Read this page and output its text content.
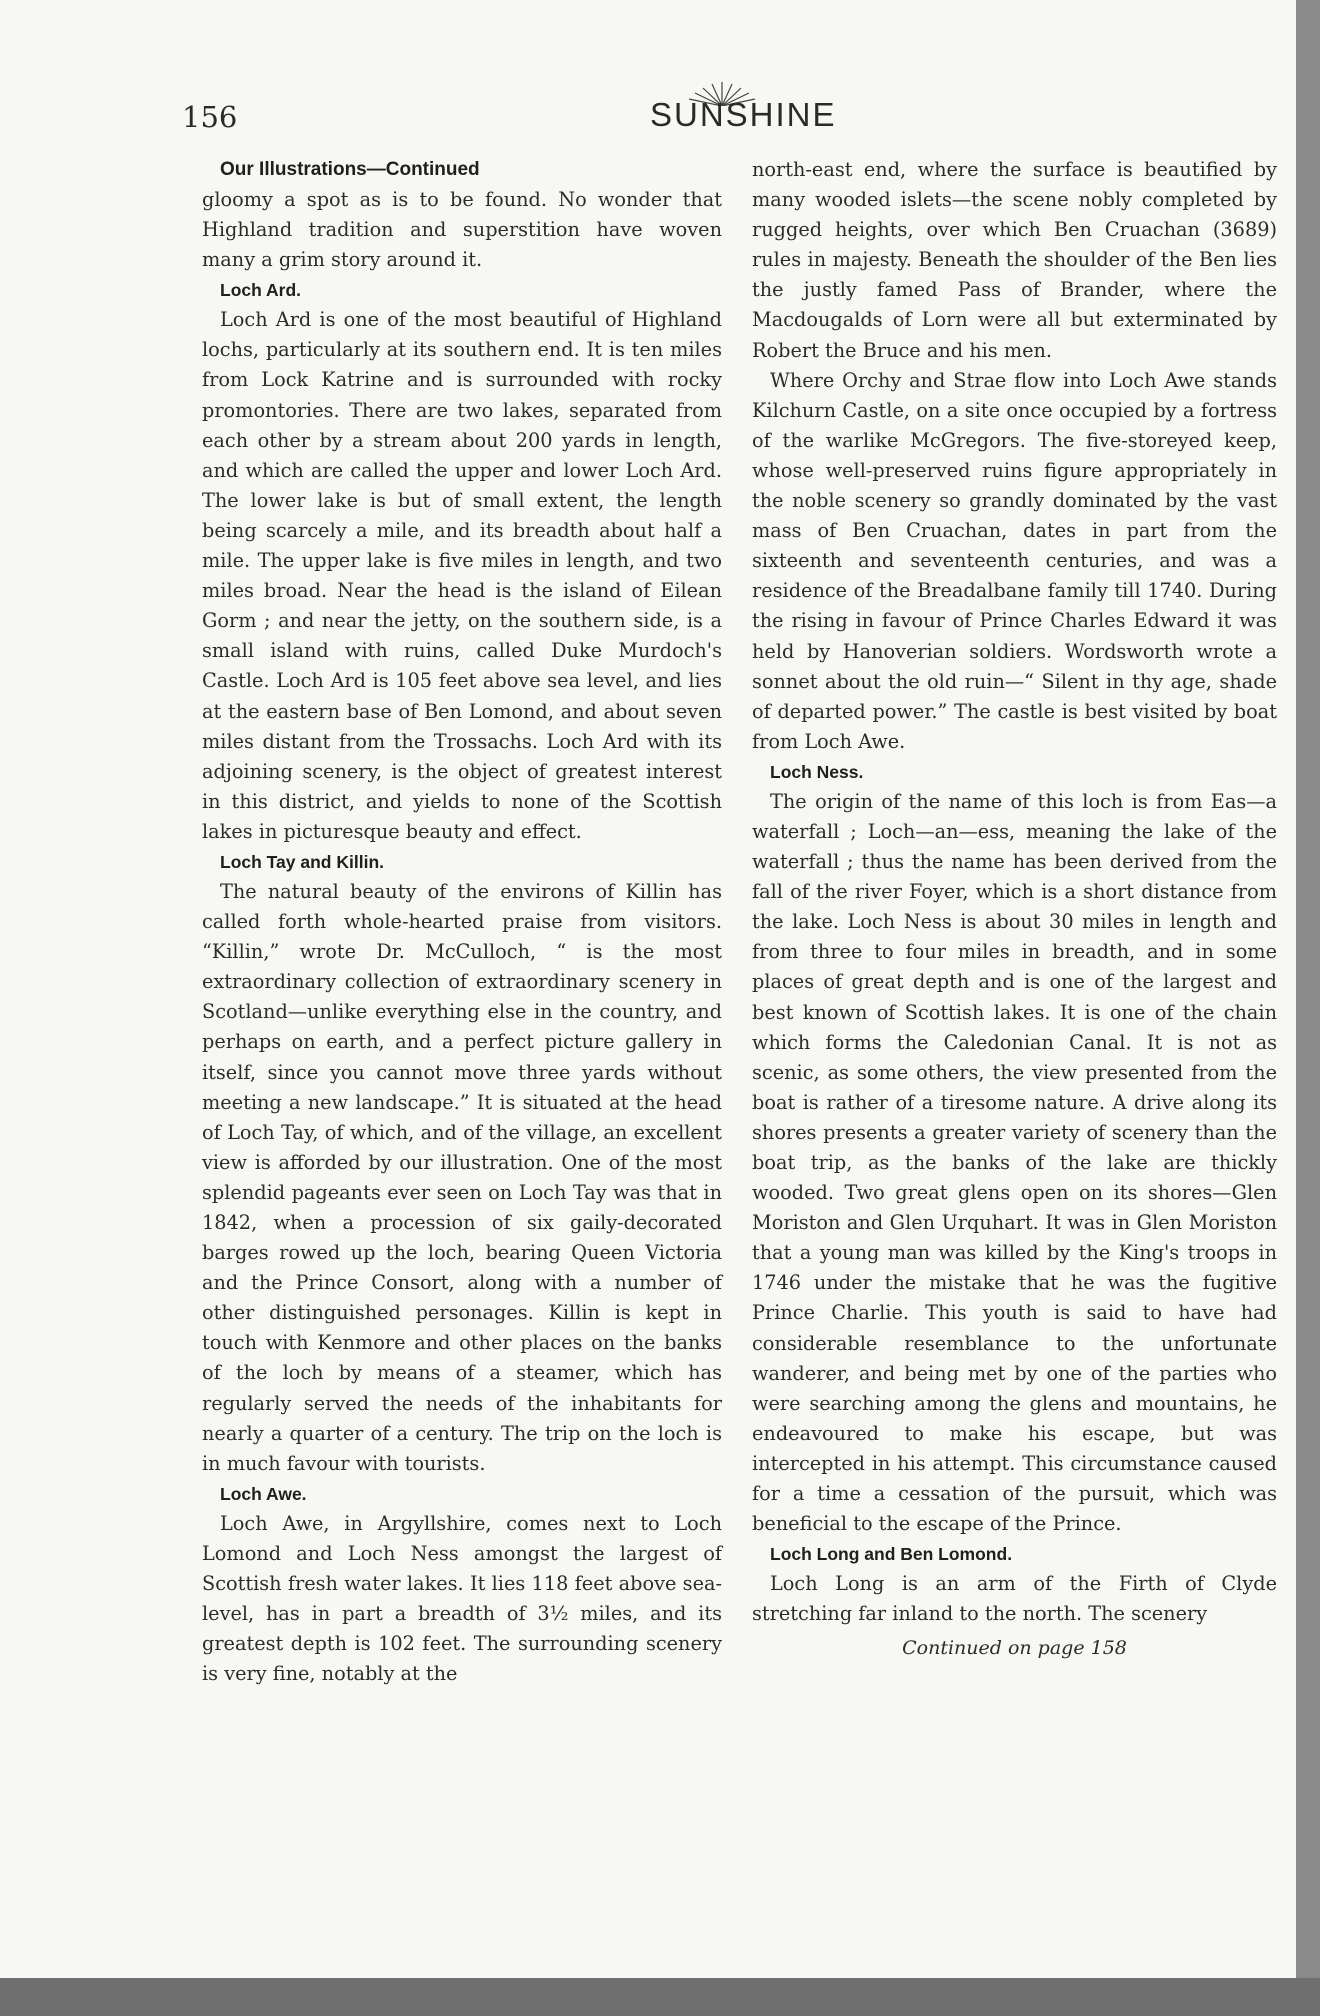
156	SUNSHINE

Our Illustrations—Continued

gloomy a spot as is to be found. No wonder that Highland tradition and superstition have woven many a grim story around it.

Loch Ard.

Loch Ard is one of the most beautiful of Highland lochs, particularly at its southern end. It is ten miles from Lock Katrine and is surrounded with rocky promontories. There are two lakes, separated from each other by a stream about 200 yards in length, and which are called the upper and lower Loch Ard. The lower lake is but of small extent, the length being scarcely a mile, and its breadth about half a mile. The upper lake is five miles in length, and two miles broad. Near the head is the island of Eilean Gorm ; and near the jetty, on the southern side, is a small island with ruins, called Duke Murdoch's Castle. Loch Ard is 105 feet above sea level, and lies at the eastern base of Ben Lomond, and about seven miles distant from the Trossachs. Loch Ard with its adjoining scenery, is the object of greatest interest in this district, and yields to none of the Scottish lakes in picturesque beauty and effect.

Loch Tay and Killin.

The natural beauty of the environs of Killin has called forth whole-hearted praise from visitors. “Killin,” wrote Dr. McCulloch, “ is the most extraordinary collection of extraordinary scenery in Scotland—unlike everything else in the country, and perhaps on earth, and a perfect picture gallery in itself, since you cannot move three yards without meeting a new landscape.” It is situated at the head of Loch Tay, of which, and of the village, an excellent view is afforded by our illustration. One of the most splendid pageants ever seen on Loch Tay was that in 1842, when a procession of six gaily-decorated barges rowed up the loch, bearing Queen Victoria and the Prince Consort, along with a number of other distinguished personages. Killin is kept in touch with Kenmore and other places on the banks of the loch by means of a steamer, which has regularly served the needs of the inhabitants for nearly a quarter of a century. The trip on the loch is in much favour with tourists.

Loch Awe.

Loch Awe, in Argyllshire, comes next to Loch Lomond and Loch Ness amongst the largest of Scottish fresh water lakes. It lies 118 feet above sea-level, has in part a breadth of 3½ miles, and its greatest depth is 102 feet. The surrounding scenery is very fine, notably at the

north-east end, where the surface is beautified by many wooded islets—the scene nobly completed by rugged heights, over which Ben Cruachan (3689) rules in majesty. Beneath the shoulder of the Ben lies the justly famed Pass of Brander, where the Macdougalds of Lorn were all but exterminated by Robert the Bruce and his men.

Where Orchy and Strae flow into Loch Awe stands Kilchurn Castle, on a site once occupied by a fortress of the warlike McGregors. The five-storeyed keep, whose well-preserved ruins figure appropriately in the noble scenery so grandly dominated by the vast mass of Ben Cruachan, dates in part from the sixteenth and seventeenth centuries, and was a residence of the Breadalbane family till 1740. During the rising in favour of Prince Charles Edward it was held by Hanoverian soldiers. Wordsworth wrote a sonnet about the old ruin—“ Silent in thy age, shade of departed power.” The castle is best visited by boat from Loch Awe.

Loch Ness.

The origin of the name of this loch is from Eas—a waterfall ; Loch—an—ess, meaning the lake of the waterfall ; thus the name has been derived from the fall of the river Foyer, which is a short distance from the lake. Loch Ness is about 30 miles in length and from three to four miles in breadth, and in some places of great depth and is one of the largest and best known of Scottish lakes. It is one of the chain which forms the Caledonian Canal. It is not as scenic, as some others, the view presented from the boat is rather of a tiresome nature. A drive along its shores presents a greater variety of scenery than the boat trip, as the banks of the lake are thickly wooded. Two great glens open on its shores—Glen Moriston and Glen Urquhart. It was in Glen Moriston that a young man was killed by the King's troops in 1746 under the mistake that he was the fugitive Prince Charlie. This youth is said to have had considerable resemblance to the unfortunate wanderer, and being met by one of the parties who were searching among the glens and mountains, he endeavoured to make his escape, but was intercepted in his attempt. This circumstance caused for a time a cessation of the pursuit, which was beneficial to the escape of the Prince.

Loch Long and Ben Lomond.

Loch Long is an arm of the Firth of Clyde stretching far inland to the north. The scenery

Continued on page 158
